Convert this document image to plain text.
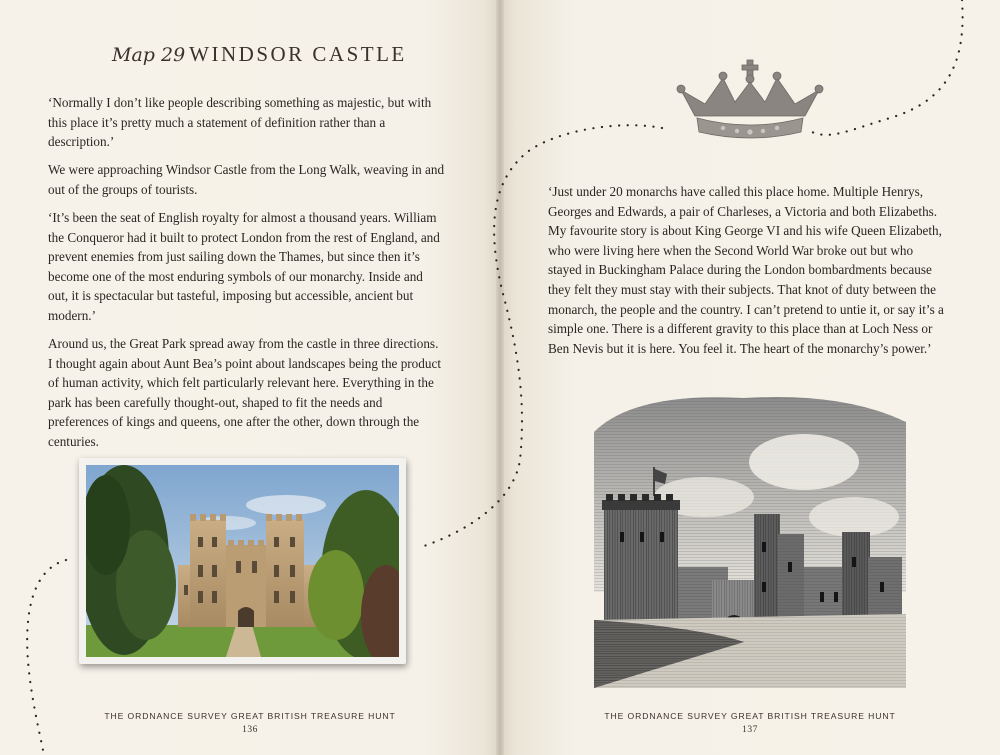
Map 29 WINDSOR CASTLE

‘Normally I don’t like people describing something as majestic, but with this place it’s pretty much a statement of definition rather than a description.’

We were approaching Windsor Castle from the Long Walk, weaving in and out of the groups of tourists.

‘It’s been the seat of English royalty for almost a thousand years. William the Conqueror had it built to protect London from the rest of England, and prevent enemies from just sailing down the Thames, but since then it’s become one of the most enduring symbols of our monarchy. Inside and out, it is spectacular but tasteful, imposing but accessible, ancient but modern.’

Around us, the Great Park spread away from the castle in three directions. I thought again about Aunt Bea’s point about landscapes being the product of human activity, which felt particularly relevant here. Everything in the park has been carefully thought-out, shaped to fit the needs and preferences of kings and queens, one after the other, down through the centuries.

THE ORDNANCE SURVEY GREAT BRITISH TREASURE HUNT
136

‘Just under 20 monarchs have called this place home. Multiple Henrys, Georges and Edwards, a pair of Charleses, a Victoria and both Elizabeths. My favourite story is about King George VI and his wife Queen Elizabeth, who were living here when the Second World War broke out but who stayed in Buckingham Palace during the London bombardments because they felt they must stay with their subjects. That knot of duty between the monarch, the people and the country. I can’t pretend to untie it, or say it’s a simple one. There is a different gravity to this place than at Loch Ness or Ben Nevis but it is here. You feel it. The heart of the monarchy’s power.’

THE ORDNANCE SURVEY GREAT BRITISH TREASURE HUNT
137
